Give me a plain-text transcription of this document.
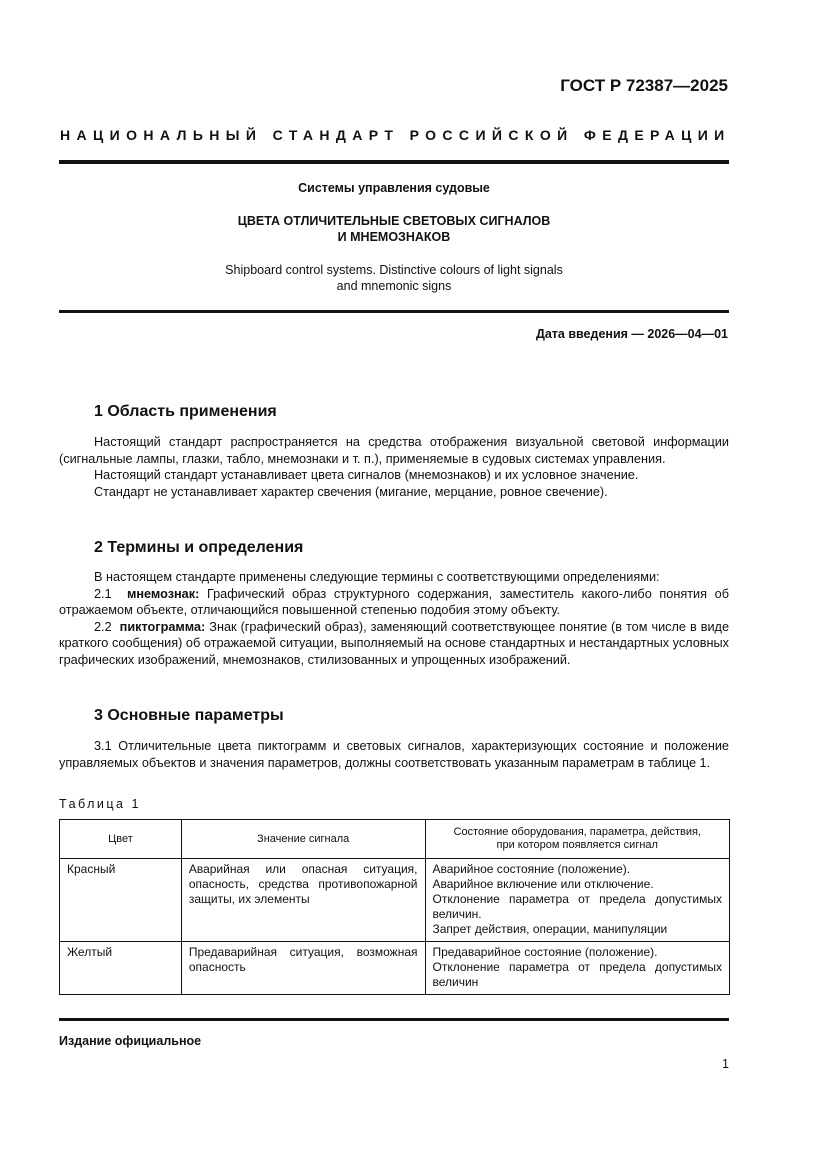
ГОСТ Р 72387—2025
НАЦИОНАЛЬНЫЙ СТАНДАРТ РОССИЙСКОЙ ФЕДЕРАЦИИ
Системы управления судовые
ЦВЕТА ОТЛИЧИТЕЛЬНЫЕ СВЕТОВЫХ СИГНАЛОВ
И МНЕМОЗНАКОВ
Shipboard control systems. Distinctive colours of light signals
and mnemonic signs
Дата введения — 2026—04—01
1 Область применения

Настоящий стандарт распространяется на средства отображения визуальной световой информации (сигнальные лампы, глазки, табло, мнемознаки и т. п.), применяемые в судовых системах управления.

Настоящий стандарт устанавливает цвета сигналов (мнемознаков) и их условное значение.

Стандарт не устанавливает характер свечения (мигание, мерцание, ровное свечение).

2 Термины и определения

В настоящем стандарте применены следующие термины с соответствующими определениями:

2.1 мнемознак: Графический образ структурного содержания, заместитель какого-либо понятия об отражаемом объекте, отличающийся повышенной степенью подобия этому объекту.

2.2 пиктограмма: Знак (графический образ), заменяющий соответствующее понятие (в том числе в виде краткого сообщения) об отражаемой ситуации, выполняемый на основе стандартных и нестандартных условных графических изображений, мнемознаков, стилизованных и упрощенных изображений.

3 Основные параметры

3.1 Отличительные цвета пиктограмм и световых сигналов, характеризующих состояние и положение управляемых объектов и значения параметров, должны соответствовать указанным параметрам в таблице 1.

Таблица 1
Цвет	Значение сигнала	Состояние оборудования, параметра, действия,
при котором появляется сигнал

Красный	Аварийная или опасная ситуация, опасность, средства противопожарной защиты, их элементы	Аварийное состояние (положение).

Аварийное включение или отключение.

Отклонение параметра от предела допустимых величин.

Запрет действия, операции, манипуляции

Желтый	Предаварийная ситуация, возможная опасность	Предаварийное состояние (положение).

Отклонение параметра от предела допустимых величин

Издание официальное
1
